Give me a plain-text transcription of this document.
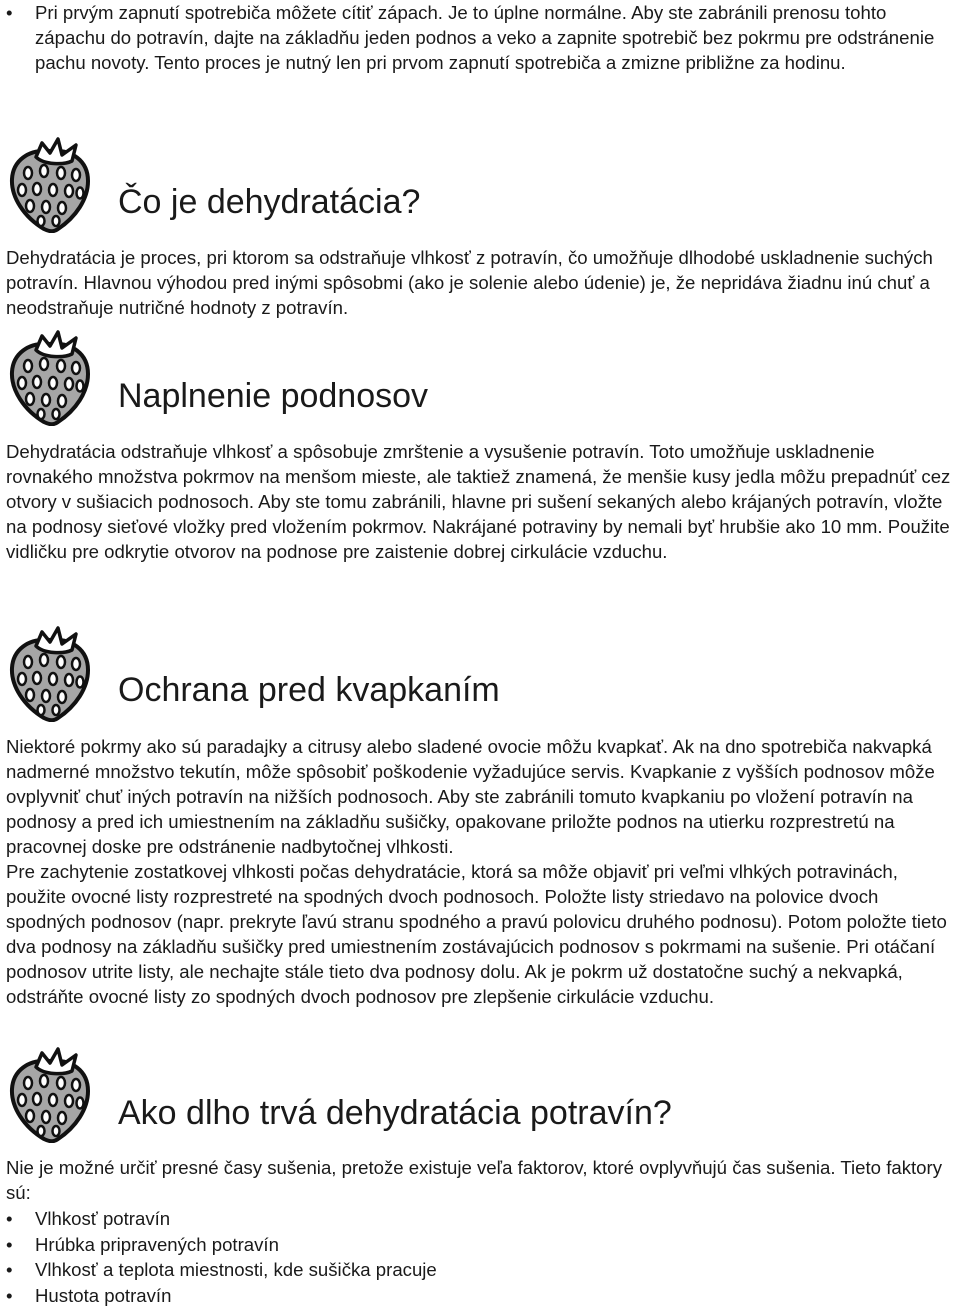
•	Pri prvým zapnutí spotrebiča môžete cítiť zápach. Je to úplne normálne. Aby ste zabránili prenosu tohto zápachu do potravín, dajte na základňu jeden podnos a veko a zapnite spotrebič bez pokrmu pre odstránenie pachu novoty. Tento proces je nutný len pri prvom zapnutí spotrebiča a zmizne približne za hodinu.
Čo je dehydratácia?

Dehydratácia je proces, pri ktorom sa odstraňuje vlhkosť z potravín, čo umožňuje dlhodobé uskladnenie suchých potravín. Hlavnou výhodou pred inými spôsobmi (ako je solenie alebo údenie) je, že nepridáva žiadnu inú chuť a neodstraňuje nutričné hodnoty z potravín.

Naplnenie podnosov

Dehydratácia odstraňuje vlhkosť a spôsobuje zmrštenie a vysušenie potravín. Toto umožňuje uskladnenie rovnakého množstva pokrmov na menšom mieste, ale taktiež znamená, že menšie kusy jedla môžu prepadnúť cez otvory v sušiacich podnosoch. Aby ste tomu zabránili, hlavne pri sušení sekaných alebo krájaných potravín, vložte na podnosy sieťové vložky pred vložením pokrmov. Nakrájané potraviny by nemali byť hrubšie ako 10 mm. Použite vidličku pre odkrytie otvorov na podnose pre zaistenie dobrej cirkulácie vzduchu.

Ochrana pred kvapkaním

Niektoré pokrmy ako sú paradajky a citrusy alebo sladené ovocie môžu kvapkať. Ak na dno spotrebiča nakvapká nadmerné množstvo tekutín, môže spôsobiť poškodenie vyžadujúce servis. Kvapkanie z vyšších podnosov môže ovplyvniť chuť iných potravín na nižších podnosoch. Aby ste zabránili tomuto kvapkaniu po vložení potravín na podnosy a pred ich umiestnením na základňu sušičky, opakovane priložte podnos na utierku rozprestretú na pracovnej doske pre odstránenie nadbytočnej vlhkosti.

Pre zachytenie zostatkovej vlhkosti počas dehydratácie, ktorá sa môže objaviť pri veľmi vlhkých potravinách, použite ovocné listy rozprestreté na spodných dvoch podnosoch. Položte listy striedavo na polovice dvoch spodných podnosov (napr. prekryte ľavú stranu spodného a pravú polovicu druhého podnosu). Potom položte tieto dva podnosy na základňu sušičky pred umiestnením zostávajúcich podnosov s pokrmami na sušenie. Pri otáčaní podnosov utrite listy, ale nechajte stále tieto dva podnosy dolu. Ak je pokrm už dostatočne suchý a nekvapká, odstráňte ovocné listy zo spodných dvoch podnosov pre zlepšenie cirkulácie vzduchu.

Ako dlho trvá dehydratácia potravín?

Nie je možné určiť presné časy sušenia, pretože existuje veľa faktorov, ktoré ovplyvňujú čas sušenia. Tieto faktory sú:

•	Vlhkosť potravín
•	Hrúbka pripravených potravín
•	Vlhkosť a teplota miestnosti, kde sušička pracuje
•	Hustota potravín
